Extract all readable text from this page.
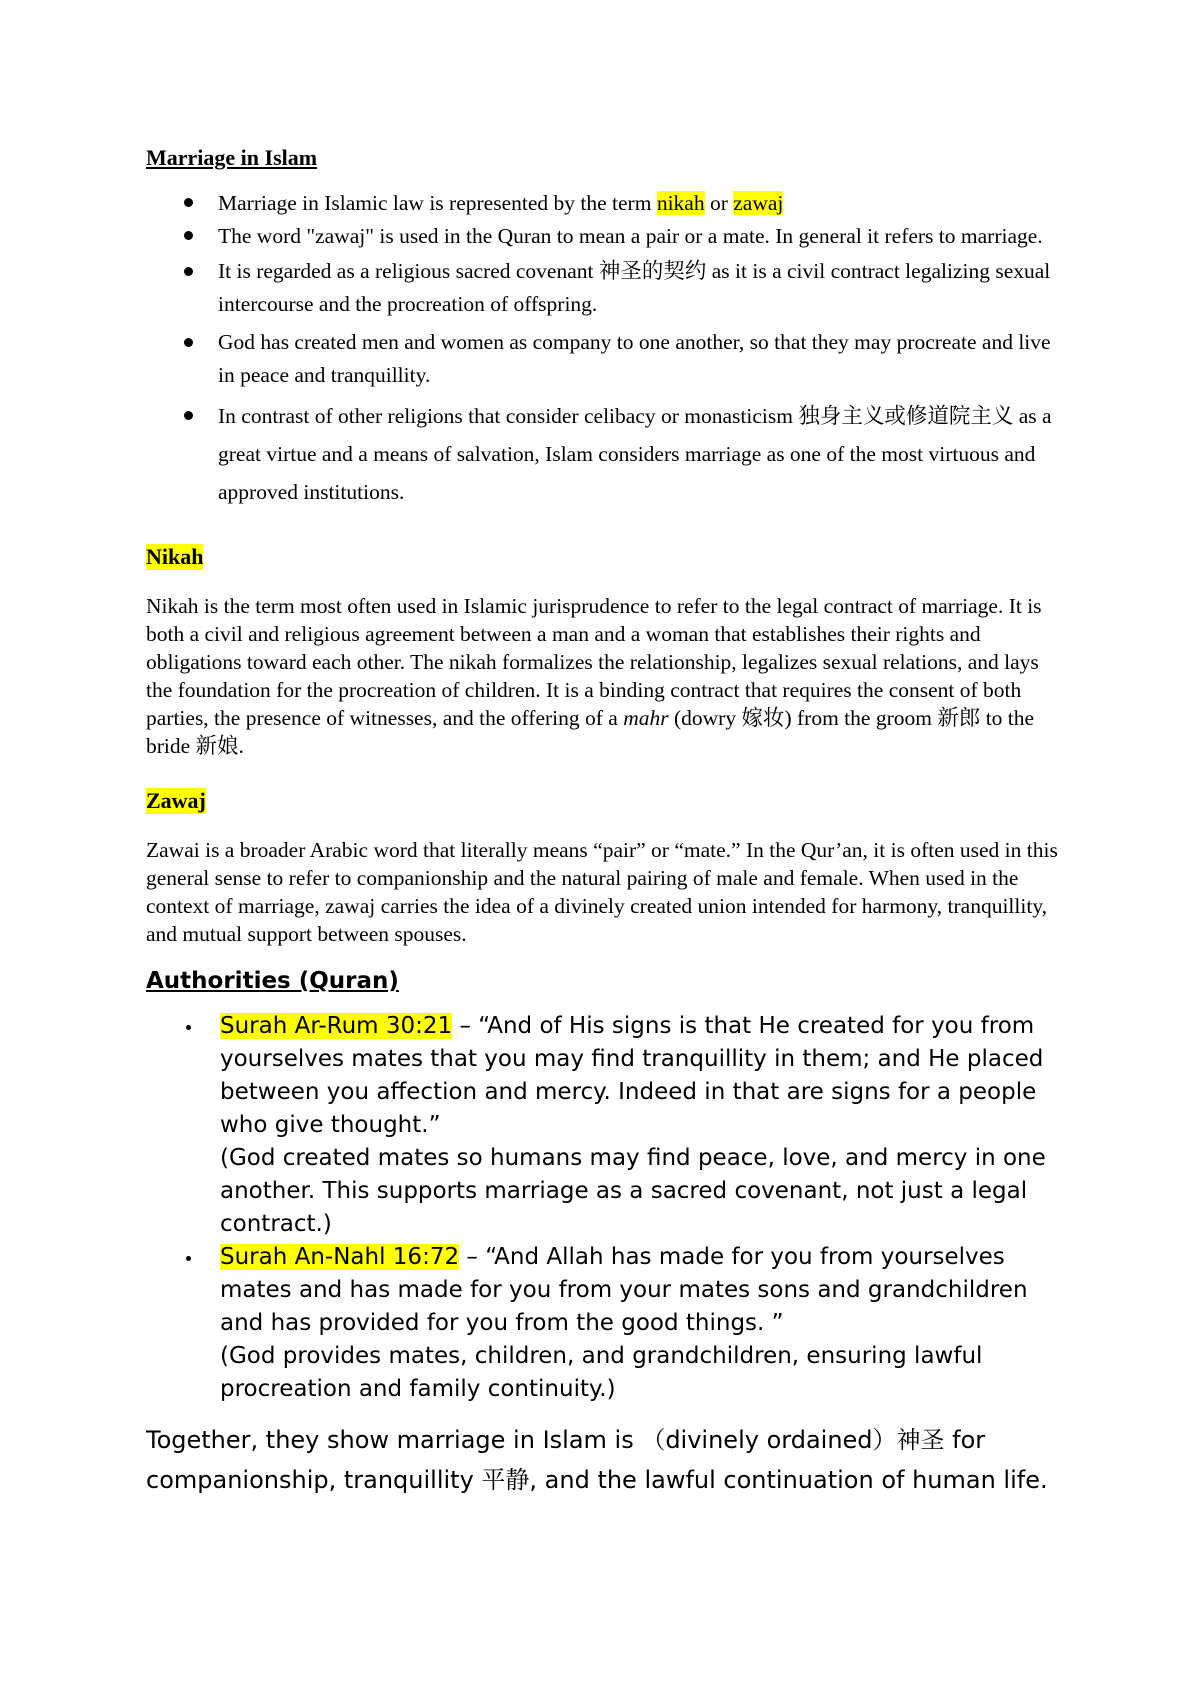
Marriage in Islam
Marriage in Islamic law is represented by the term nikah or zawaj
The word "zawaj" is used in the Quran to mean a pair or a mate. In general it refers to marriage.
It is regarded as a religious sacred covenant 神圣的契约 as it is a civil contract legalizing sexual intercourse and the procreation of offspring.
God has created men and women as company to one another, so that they may procreate and live in peace and tranquillity.
In contrast of other religions that consider celibacy or monasticism 独身主义或修道院主义 as a great virtue and a means of salvation, Islam considers marriage as one of the most virtuous and approved institutions.
Nikah

Nikah is the term most often used in Islamic jurisprudence to refer to the legal contract of marriage. It is both a civil and religious agreement between a man and a woman that establishes their rights and obligations toward each other. The nikah formalizes the relationship, legalizes sexual relations, and lays the foundation for the procreation of children. It is a binding contract that requires the consent of both parties, the presence of witnesses, and the offering of a mahr (dowry 嫁妆) from the groom 新郎 to the bride 新娘.

Zawaj

Zawai is a broader Arabic word that literally means “pair” or “mate.” In the Qur’an, it is often used in this general sense to refer to companionship and the natural pairing of male and female. When used in the context of marriage, zawaj carries the idea of a divinely created union intended for harmony, tranquillity, and mutual support between spouses.

Authorities (Quran)
Surah Ar-Rum 30:21 – “And of His signs is that He created for you from yourselves mates that you may find tranquillity in them; and He placed between you affection and mercy. Indeed in that are signs for a people who give thought.”
(God created mates so humans may find peace, love, and mercy in one another. This supports marriage as a sacred covenant, not just a legal contract.)
Surah An-Nahl 16:72 – “And Allah has made for you from yourselves mates and has made for you from your mates sons and grandchildren and has provided for you from the good things. ”
(God provides mates, children, and grandchildren, ensuring lawful procreation and family continuity.)

Together, they show marriage in Islam is （divinely ordained）神圣 for companionship, tranquillity 平静, and the lawful continuation of human life.
